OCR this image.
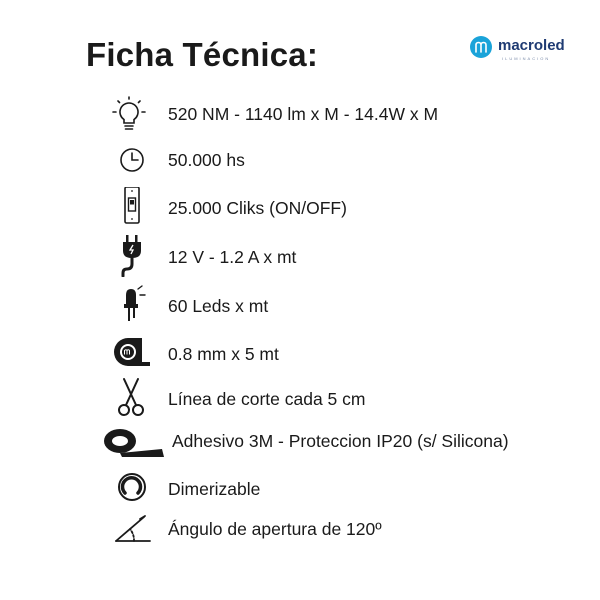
Ficha Técnica:	macroled
ILUMINACION
520 NM - 1140 lm x M - 14.4W x M
50.000 hs
25.000 Cliks (ON/OFF)
12 V - 1.2 A x mt
60 Leds x mt
0.8 mm x 5 mt
Línea de corte cada 5 cm
Adhesivo 3M - Proteccion IP20 (s/ Silicona)
Dimerizable
Ángulo de apertura de 120º
